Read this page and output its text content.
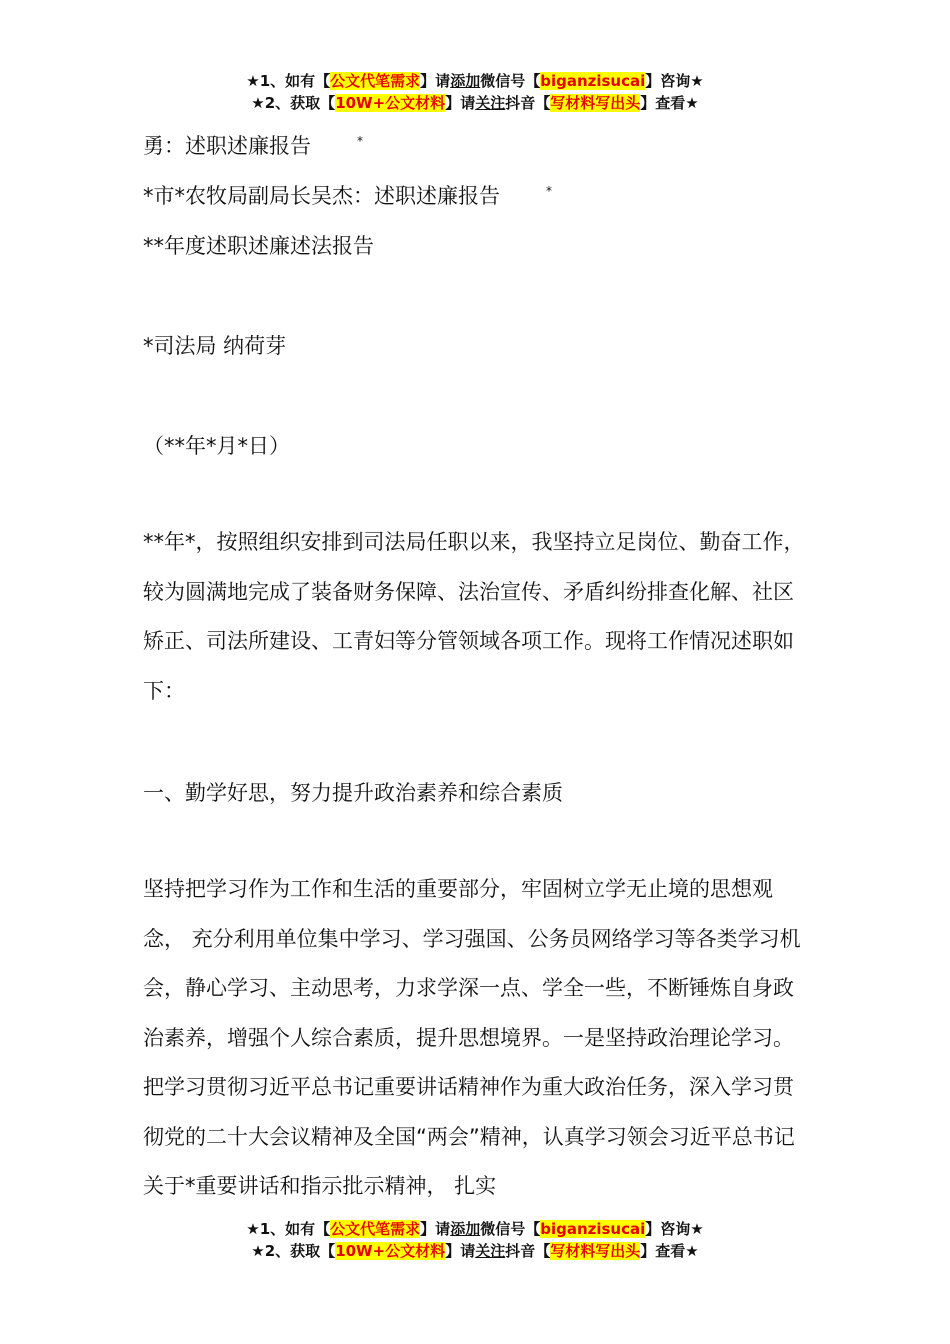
★1、如有【公文代笔需求】请添加微信号【biganzisucai】咨询★
★2、获取【10W+公文材料】请关注抖音【写材料写出头】查看★
勇：述职述廉报告	*
*市*农牧局副局长吴杰：述职述廉报告	*
**年度述职述廉述法报告
*司法局 纳荷芽
（**年*月*日）
**年*，按照组织安排到司法局任职以来，我坚持立足岗位、勤奋工作， 较为圆满地完成了装备财务保障、法治宣传、矛盾纠纷排查化解、社区矫正、司法所建设、工青妇等分管领域各项工作。现将工作情况述职如下：
一、勤学好思，努力提升政治素养和综合素质
坚持把学习作为工作和生活的重要部分，牢固树立学无止境的思想观念， 充分利用单位集中学习、学习强国、公务员网络学习等各类学习机会，静心学习、主动思考，力求学深一点、学全一些，不断锤炼自身政治素养，增强个人综合素质，提升思想境界。一是坚持政治理论学习。把学习贯彻习近平总书记重要讲话精神作为重大政治任务，深入学习贯彻党的二十大会议精神及全国“两会”精神，认真学习领会习近平总书记关于*重要讲话和指示批示精神， 扎实
★1、如有【公文代笔需求】请添加微信号【biganzisucai】咨询★
★2、获取【10W+公文材料】请关注抖音【写材料写出头】查看★
